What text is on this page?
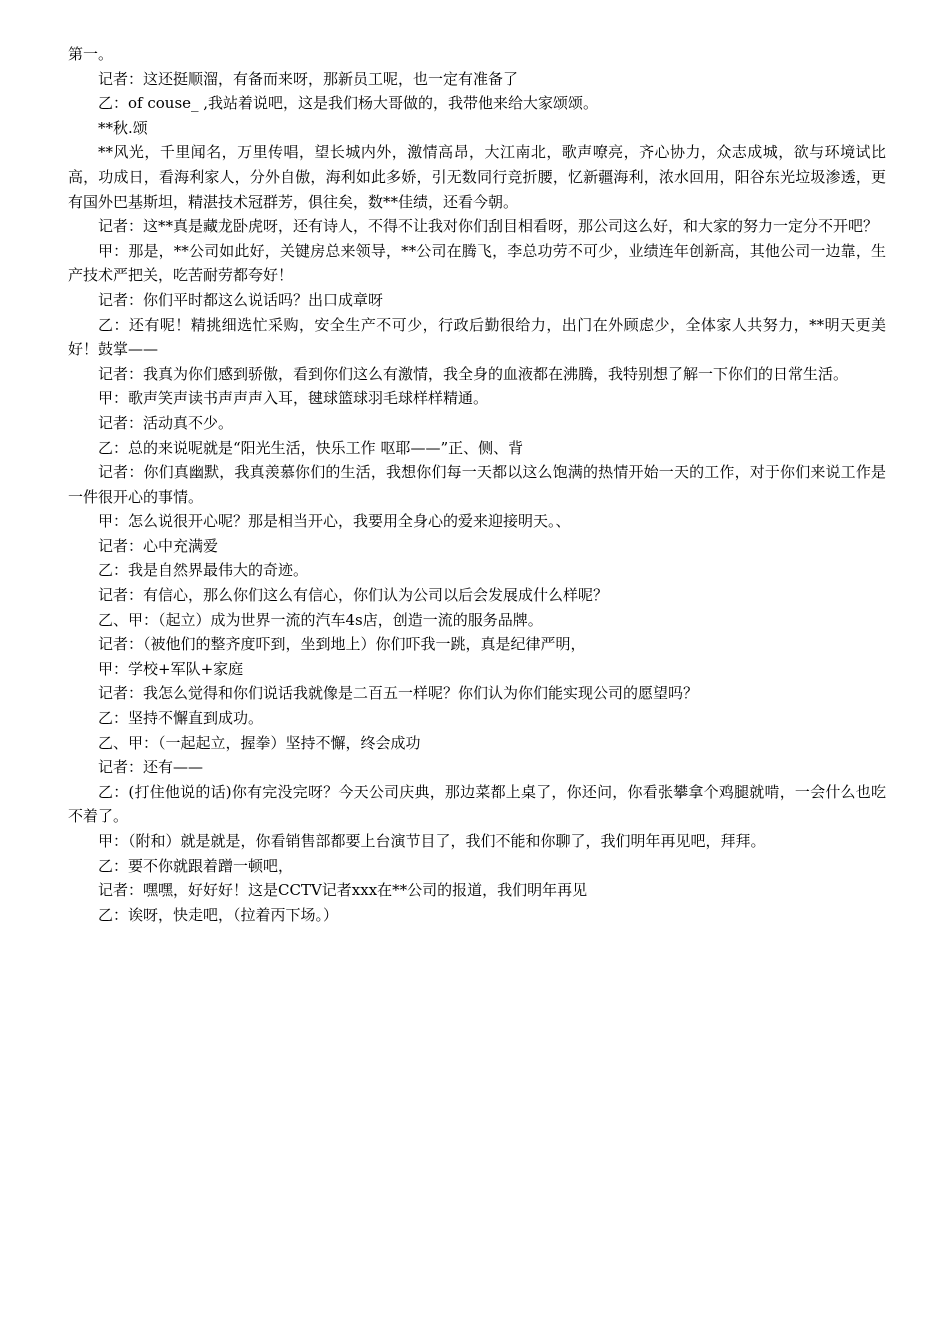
第一。

记者：这还挺顺溜，有备而来呀，那新员工呢，也一定有准备了

乙：of couse_ ,我站着说吧，这是我们杨大哥做的，我带他来给大家颂颂。

**秋.颂

**风光，千里闻名，万里传唱，望长城内外，激情高昂，大江南北，歌声嘹亮，齐心协力，众志成城，欲与环境试比高，功成日，看海利家人，分外自傲，海利如此多娇，引无数同行竞折腰，忆新疆海利，浓水回用，阳谷东光垃圾渗透，更有国外巴基斯坦，精湛技术冠群芳，俱往矣，数**佳绩，还看今朝。

记者：这**真是藏龙卧虎呀，还有诗人，不得不让我对你们刮目相看呀，那公司这么好，和大家的努力一定分不开吧？

甲：那是，**公司如此好，关键房总来领导，**公司在腾飞，李总功劳不可少，业绩连年创新高，其他公司一边靠，生产技术严把关，吃苦耐劳都夸好！

记者：你们平时都这么说话吗？出口成章呀

乙：还有呢！精挑细选忙采购，安全生产不可少，行政后勤很给力，出门在外顾虑少，全体家人共努力，**明天更美好！鼓掌——

记者：我真为你们感到骄傲，看到你们这么有激情，我全身的血液都在沸腾，我特别想了解一下你们的日常生活。

甲：歌声笑声读书声声声入耳，毽球篮球羽毛球样样精通。

记者：活动真不少。

乙：总的来说呢就是“阳光生活，快乐工作 呕耶——”正、侧、背

记者：你们真幽默，我真羡慕你们的生活，我想你们每一天都以这么饱满的热情开始一天的工作，对于你们来说工作是一件很开心的事情。

甲：怎么说很开心呢？那是相当开心，我要用全身心的爱来迎接明天。、

记者：心中充满爱

乙：我是自然界最伟大的奇迹。

记者：有信心，那么你们这么有信心，你们认为公司以后会发展成什么样呢？

乙、甲：（起立）成为世界一流的汽车4s店，创造一流的服务品牌。

记者：（被他们的整齐度吓到，坐到地上）你们吓我一跳，真是纪律严明，

甲：学校+军队+家庭

记者：我怎么觉得和你们说话我就像是二百五一样呢？你们认为你们能实现公司的愿望吗？

乙：坚持不懈直到成功。

乙、甲：（一起起立，握拳）坚持不懈，终会成功

记者：还有——

乙：(打住他说的话)你有完没完呀？今天公司庆典，那边菜都上桌了，你还问，你看张攀拿个鸡腿就啃，一会什么也吃不着了。

甲：（附和）就是就是，你看销售部都要上台演节目了，我们不能和你聊了，我们明年再见吧，拜拜。

乙：要不你就跟着蹭一顿吧，

记者：嘿嘿，好好好！这是CCTV记者xxx在**公司的报道，我们明年再见

乙：诶呀，快走吧，（拉着丙下场。）
